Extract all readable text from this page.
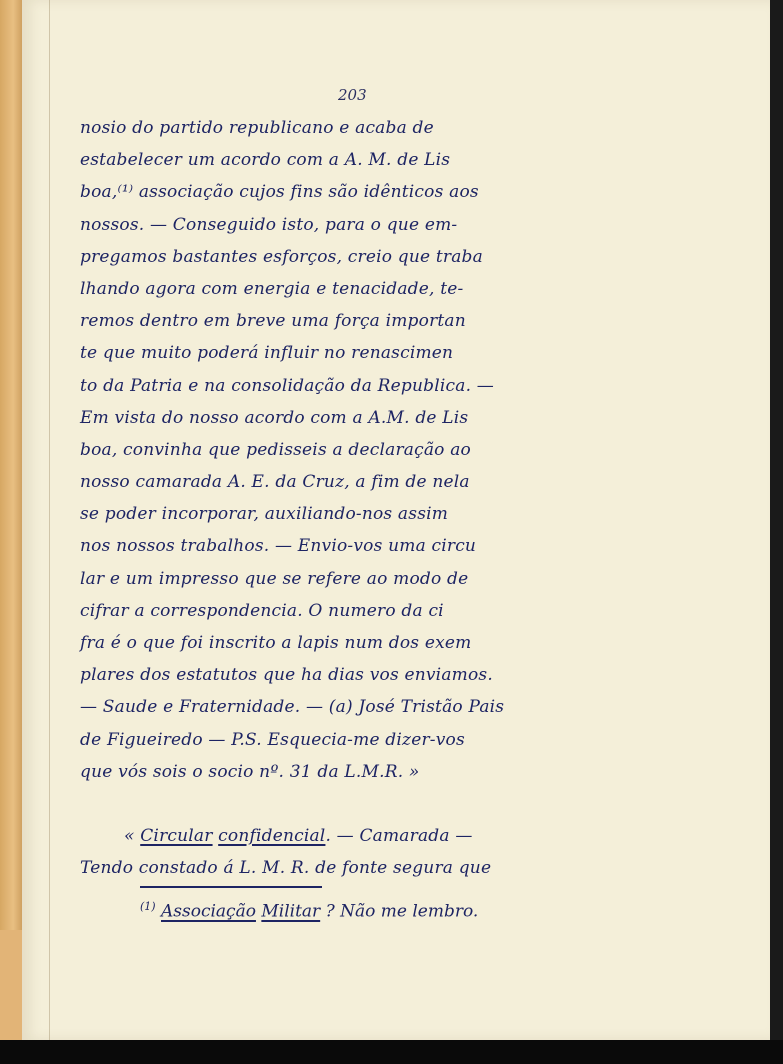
203
nosio do partido republicano e acaba de
estabelecer um acordo com a A. M. de Lis
boa,⁽¹⁾ associação cujos fins são idênticos aos
nossos. — Conseguido isto, para o que em-
pregamos bastantes esforços, creio que traba
lhando agora com energia e tenacidade, te-
remos dentro em breve uma força importan
te que muito poderá influir no renascimen
to da Patria e na consolidação da Republica. —
Em vista do nosso acordo com a A.M. de Lis
boa, convinha que pedisseis a declaração ao
nosso camarada A. E. da Cruz, a fim de nela
se poder incorporar, auxiliando-nos assim
nos nossos trabalhos. — Envio-vos uma circu
lar e um impresso que se refere ao modo de
cifrar a correspondencia. O numero da ci
fra é o que foi inscrito a lapis num dos exem
plares dos estatutos que ha dias vos enviamos.
— Saude e Fraternidade. — (a) José Tristão Pais
de Figueiredo — P.S. Esquecia-me dizer-vos
que vós sois o socio nº. 31 da L.M.R. »
« Circular confidencial. — Camarada —
Tendo constado á L. M. R. de fonte segura que
$^{(1)}$ Associação Militar ? Não me lembro.
